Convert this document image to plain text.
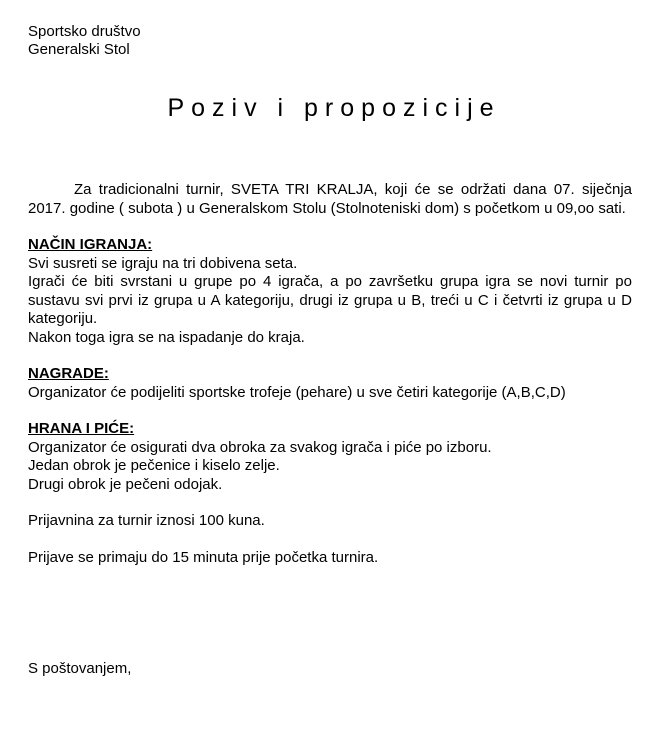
Sportsko društvo
Generalski Stol
Poziv i propozicije

Za tradicionalni turnir, SVETA TRI KRALJA, koji će se održati dana 07. siječnja 2017. godine ( subota ) u Generalskom Stolu (Stolnoteniski dom) s početkom u 09,oo sati.

NAČIN IGRANJA:

Svi susreti se igraju na tri dobivena seta.

Igrači će biti svrstani u grupe po 4 igrača, a po završetku grupa igra se novi turnir po sustavu svi prvi iz grupa u A kategoriju, drugi iz grupa u B, treći u C i četvrti iz grupa u D kategoriju.

Nakon toga igra se na ispadanje do kraja.

NAGRADE:

Organizator će podijeliti sportske trofeje (pehare) u sve četiri kategorije (A,B,C,D)

HRANA I PIĆE:

Organizator će osigurati dva obroka za svakog igrača i piće po izboru.

Jedan obrok je pečenice i kiselo zelje.

Drugi obrok je pečeni odojak.

Prijavnina za turnir iznosi 100 kuna.

Prijave se primaju do 15 minuta prije početka turnira.

S poštovanjem,
